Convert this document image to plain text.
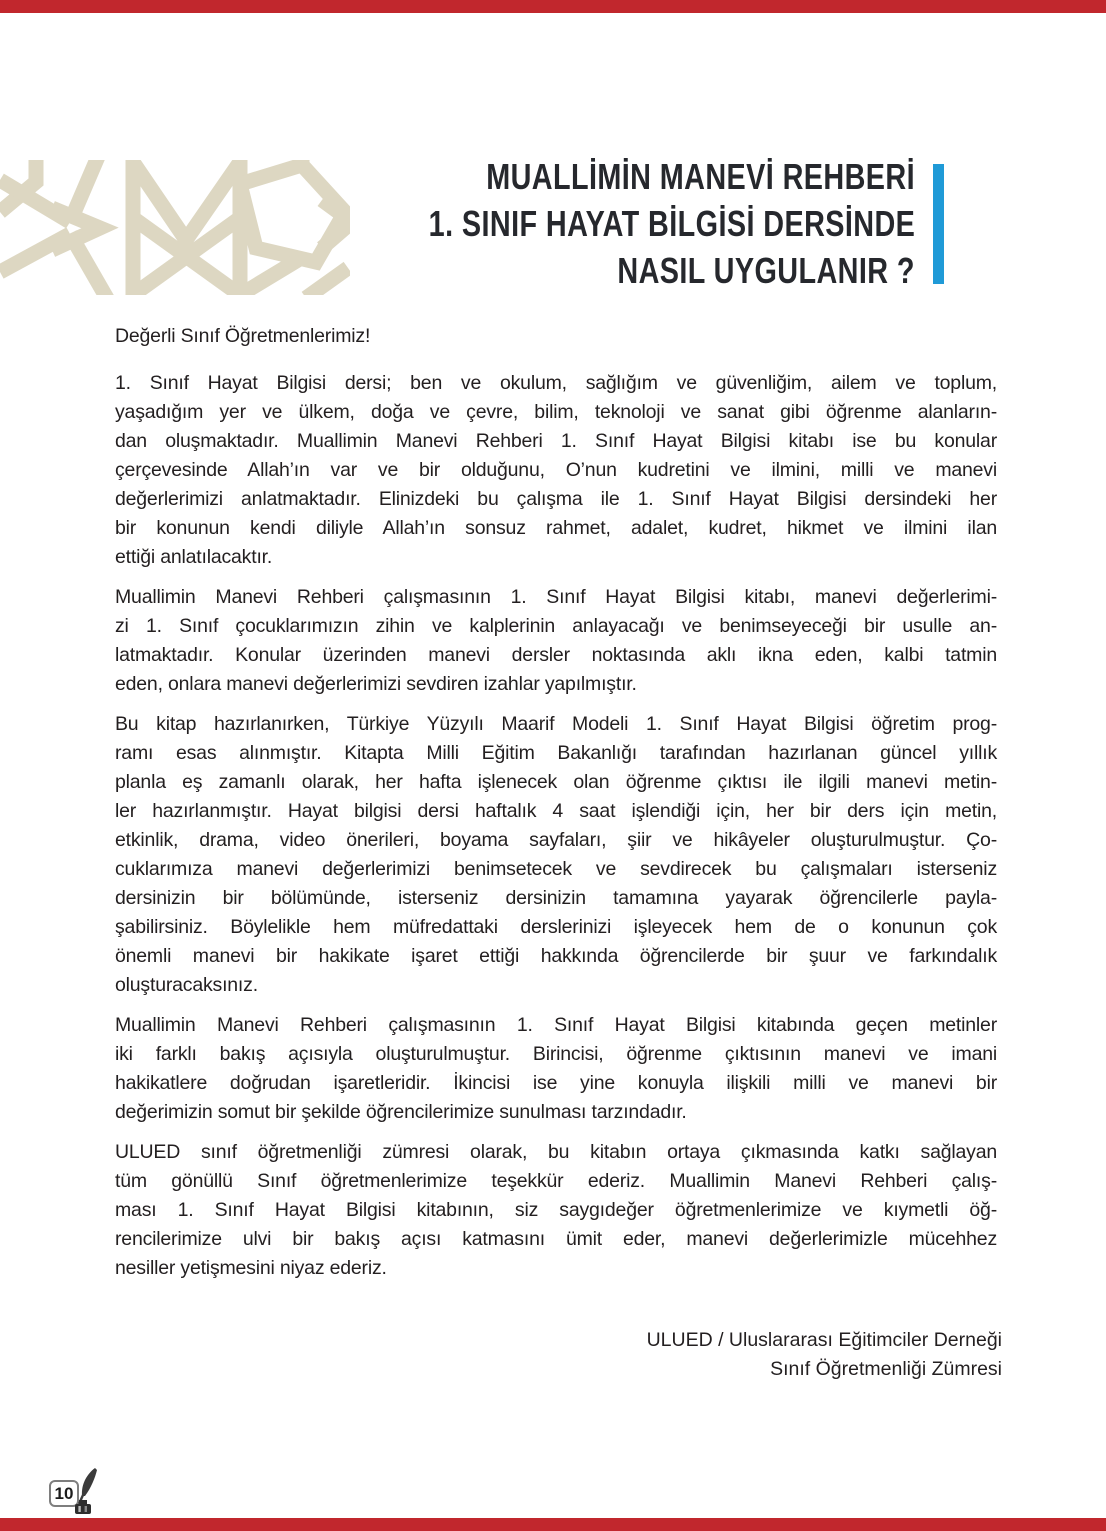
MUALLİMİN MANEVİ REHBERİ
1. SINIF HAYAT BİLGİSİ DERSİNDE
NASIL UYGULANIR ?
Değerli Sınıf Öğretmenlerimiz!
1. Sınıf Hayat Bilgisi dersi; ben ve okulum, sağlığım ve güvenliğim, ailem ve toplum,
yaşadığım yer ve ülkem, doğa ve çevre, bilim, teknoloji ve sanat gibi öğrenme alanların-
dan oluşmaktadır. Muallimin Manevi Rehberi 1. Sınıf Hayat Bilgisi kitabı ise bu konular
çerçevesinde Allah’ın var ve bir olduğunu, O’nun kudretini ve ilmini, milli ve manevi
değerlerimizi anlatmaktadır. Elinizdeki bu çalışma ile 1. Sınıf Hayat Bilgisi dersindeki her
bir konunun kendi diliyle Allah’ın sonsuz rahmet, adalet, kudret, hikmet ve ilmini ilan
ettiği anlatılacaktır.
Muallimin Manevi Rehberi çalışmasının 1. Sınıf Hayat Bilgisi kitabı, manevi değerlerimi-
zi 1. Sınıf çocuklarımızın zihin ve kalplerinin anlayacağı ve benimseyeceği bir usulle an-
latmaktadır. Konular üzerinden manevi dersler noktasında aklı ikna eden, kalbi tatmin
eden, onlara manevi değerlerimizi sevdiren izahlar yapılmıştır.
Bu kitap hazırlanırken, Türkiye Yüzyılı Maarif Modeli 1. Sınıf Hayat Bilgisi öğretim prog-
ramı esas alınmıştır. Kitapta Milli Eğitim Bakanlığı tarafından hazırlanan güncel yıllık
planla eş zamanlı olarak, her hafta işlenecek olan öğrenme çıktısı ile ilgili manevi metin-
ler hazırlanmıştır. Hayat bilgisi dersi haftalık 4 saat işlendiği için, her bir ders için metin,
etkinlik, drama, video önerileri, boyama sayfaları, şiir ve hikâyeler oluşturulmuştur. Ço-
cuklarımıza manevi değerlerimizi benimsetecek ve sevdirecek bu çalışmaları isterseniz
dersinizin bir bölümünde, isterseniz dersinizin tamamına yayarak öğrencilerle payla-
şabilirsiniz. Böylelikle hem müfredattaki derslerinizi işleyecek hem de o konunun çok
önemli manevi bir hakikate işaret ettiği hakkında öğrencilerde bir şuur ve farkındalık
oluşturacaksınız.
Muallimin Manevi Rehberi çalışmasının 1. Sınıf Hayat Bilgisi kitabında geçen metinler
iki farklı bakış açısıyla oluşturulmuştur. Birincisi, öğrenme çıktısının manevi ve imani
hakikatlere doğrudan işaretleridir. İkincisi ise yine konuyla ilişkili milli ve manevi bir
değerimizin somut bir şekilde öğrencilerimize sunulması tarzındadır.
ULUED sınıf öğretmenliği zümresi olarak, bu kitabın ortaya çıkmasında katkı sağlayan
tüm gönüllü Sınıf öğretmenlerimize teşekkür ederiz. Muallimin Manevi Rehberi çalış-
ması 1. Sınıf Hayat Bilgisi kitabının, siz saygıdeğer öğretmenlerimize ve kıymetli öğ-
rencilerimize ulvi bir bakış açısı katmasını ümit eder, manevi değerlerimizle mücehhez
nesiller yetişmesini niyaz ederiz.
ULUED / Uluslararası Eğitimciler Derneği
Sınıf Öğretmenliği Zümresi
10
